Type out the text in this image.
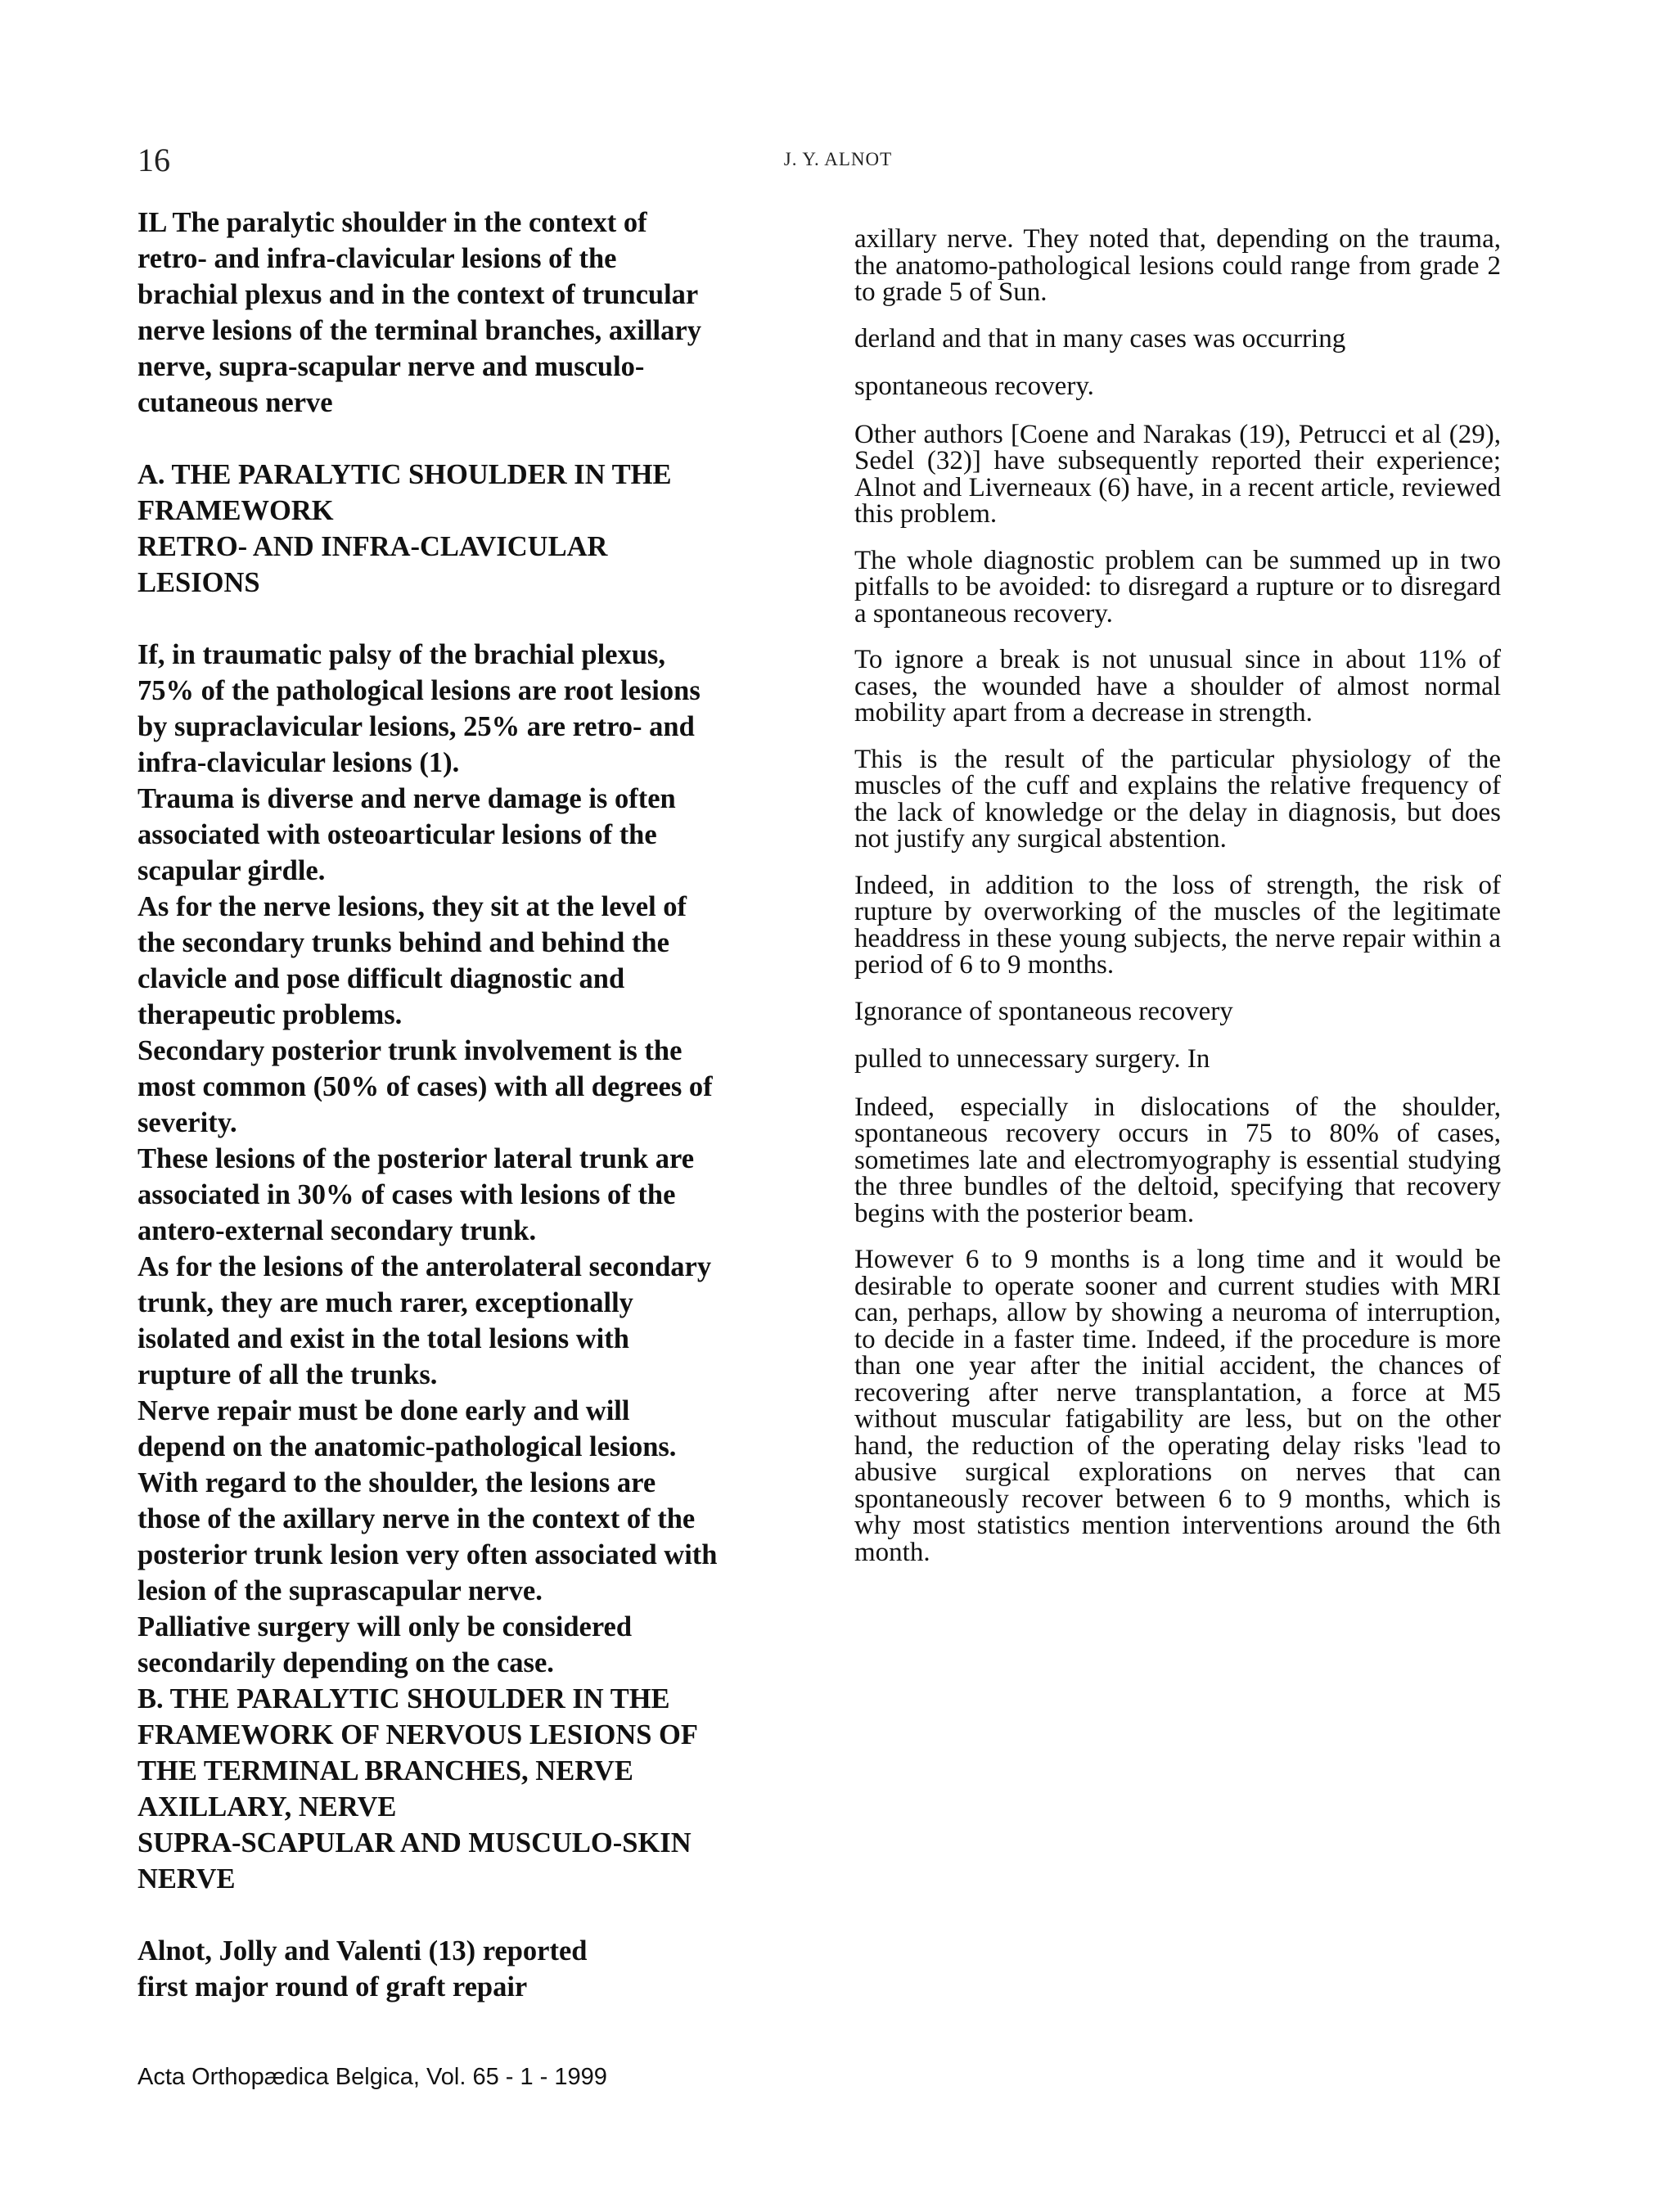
16	J. Y. ALNOT

IL The paralytic shoulder in the context of

retro- and infra-clavicular lesions of the

brachial plexus and in the context of truncular

nerve lesions of the terminal branches, axillary

nerve, supra-scapular nerve and musculo-

cutaneous nerve

A. THE PARALYTIC SHOULDER IN THE

FRAMEWORK

RETRO- AND INFRA-CLAVICULAR

LESIONS

If, in traumatic palsy of the brachial plexus,

75% of the pathological lesions are root lesions

by supraclavicular lesions, 25% are retro- and

infra-clavicular lesions (1).

Trauma is diverse and nerve damage is often

associated with osteoarticular lesions of the

scapular girdle.

As for the nerve lesions, they sit at the level of

the secondary trunks behind and behind the

clavicle and pose difficult diagnostic and

therapeutic problems.

Secondary posterior trunk involvement is the

most common (50% of cases) with all degrees of

severity.

These lesions of the posterior lateral trunk are

associated in 30% of cases with lesions of the

antero-external secondary trunk.

As for the lesions of the anterolateral secondary

trunk, they are much rarer, exceptionally

isolated and exist in the total lesions with

rupture of all the trunks.

Nerve repair must be done early and will

depend on the anatomic-pathological lesions.

With regard to the shoulder, the lesions are

those of the axillary nerve in the context of the

posterior trunk lesion very often associated with

lesion of the suprascapular nerve.

Palliative surgery will only be considered

secondarily depending on the case.

B. THE PARALYTIC SHOULDER IN THE

FRAMEWORK OF NERVOUS LESIONS OF

THE TERMINAL BRANCHES, NERVE

AXILLARY, NERVE

SUPRA-SCAPULAR AND MUSCULO-SKIN

NERVE

Alnot, Jolly and Valenti (13) reported

first major round of graft repair

axillary nerve. They noted that, depending on the trauma, the anatomo-pathological lesions could range from grade 2 to grade 5 of Sun.

derland and that in many cases was occurring

spontaneous recovery.

Other authors [Coene and Narakas (19), Petrucci et al (29), Sedel (32)] have subsequently reported their experience; Alnot and Liverneaux (6) have, in a recent article, reviewed this problem.

The whole diagnostic problem can be summed up in two pitfalls to be avoided: to disregard a rupture or to disregard a spontaneous recovery.

To ignore a break is not unusual since in about 11% of cases, the wounded have a shoulder of almost normal mobility apart from a decrease in strength.

This is the result of the particular physiology of the muscles of the cuff and explains the relative frequency of the lack of knowledge or the delay in diagnosis, but does not justify any surgical abstention.

Indeed, in addition to the loss of strength, the risk of rupture by overworking of the muscles of the legitimate headdress in these young subjects, the nerve repair within a period of 6 to 9 months.

Ignorance of spontaneous recovery

pulled to unnecessary surgery. In

Indeed, especially in dislocations of the shoulder, spontaneous recovery occurs in 75 to 80% of cases, sometimes late and electromyography is essential studying the three bundles of the deltoid, specifying that recovery begins with the posterior beam.

However 6 to 9 months is a long time and it would be desirable to operate sooner and current studies with MRI can, perhaps, allow by showing a neuroma of interruption, to decide in a faster time. Indeed, if the procedure is more than one year after the initial accident, the chances of recovering after nerve transplantation, a force at M5 without muscular fatigability are less, but on the other hand, the reduction of the operating delay risks 'lead to abusive surgical explorations on nerves that can spontaneously recover between 6 to 9 months, which is why most statistics mention interventions around the 6th month.

Acta Orthopædica Belgica, Vol. 65 - 1 - 1999
